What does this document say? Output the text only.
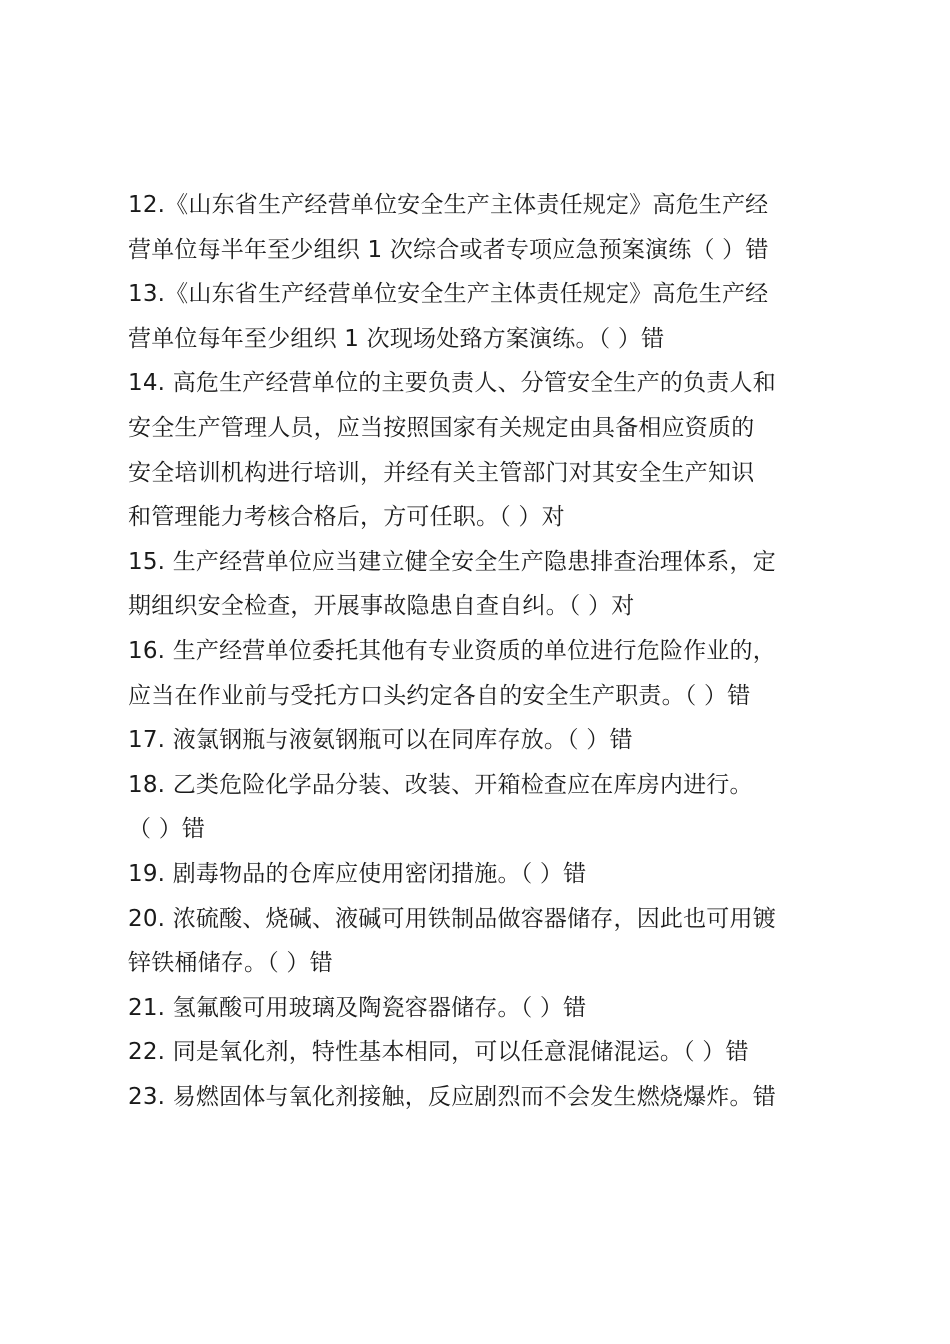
12.《山东省生产经营单位安全生产主体责任规定》高危生产经
营单位每半年至少组织 1 次综合或者专项应急预案演练（ ）错
13.《山东省生产经营单位安全生产主体责任规定》高危生产经
营单位每年至少组织 1 次现场处臵方案演练。（ ）错
14. 高危生产经营单位的主要负责人、分管安全生产的负责人和
安全生产管理人员，应当按照国家有关规定由具备相应资质的
安全培训机构进行培训，并经有关主管部门对其安全生产知识
和管理能力考核合格后，方可任职。（ ）对
15. 生产经营单位应当建立健全安全生产隐患排查治理体系，定
期组织安全检查，开展事故隐患自查自纠。（ ）对
16. 生产经营单位委托其他有专业资质的单位进行危险作业的，
应当在作业前与受托方口头约定各自的安全生产职责。（ ）错
17. 液氯钢瓶与液氨钢瓶可以在同库存放。（ ）错
18. 乙类危险化学品分装、改装、开箱检查应在库房内进行。
（ ）错
19. 剧毒物品的仓库应使用密闭措施。（ ）错
20. 浓硫酸、烧碱、液碱可用铁制品做容器储存，因此也可用镀
锌铁桶储存。（ ）错
21. 氢氟酸可用玻璃及陶瓷容器储存。（ ）错
22. 同是氧化剂，特性基本相同，可以任意混储混运。（ ）错
23. 易燃固体与氧化剂接触，反应剧烈而不会发生燃烧爆炸。错
